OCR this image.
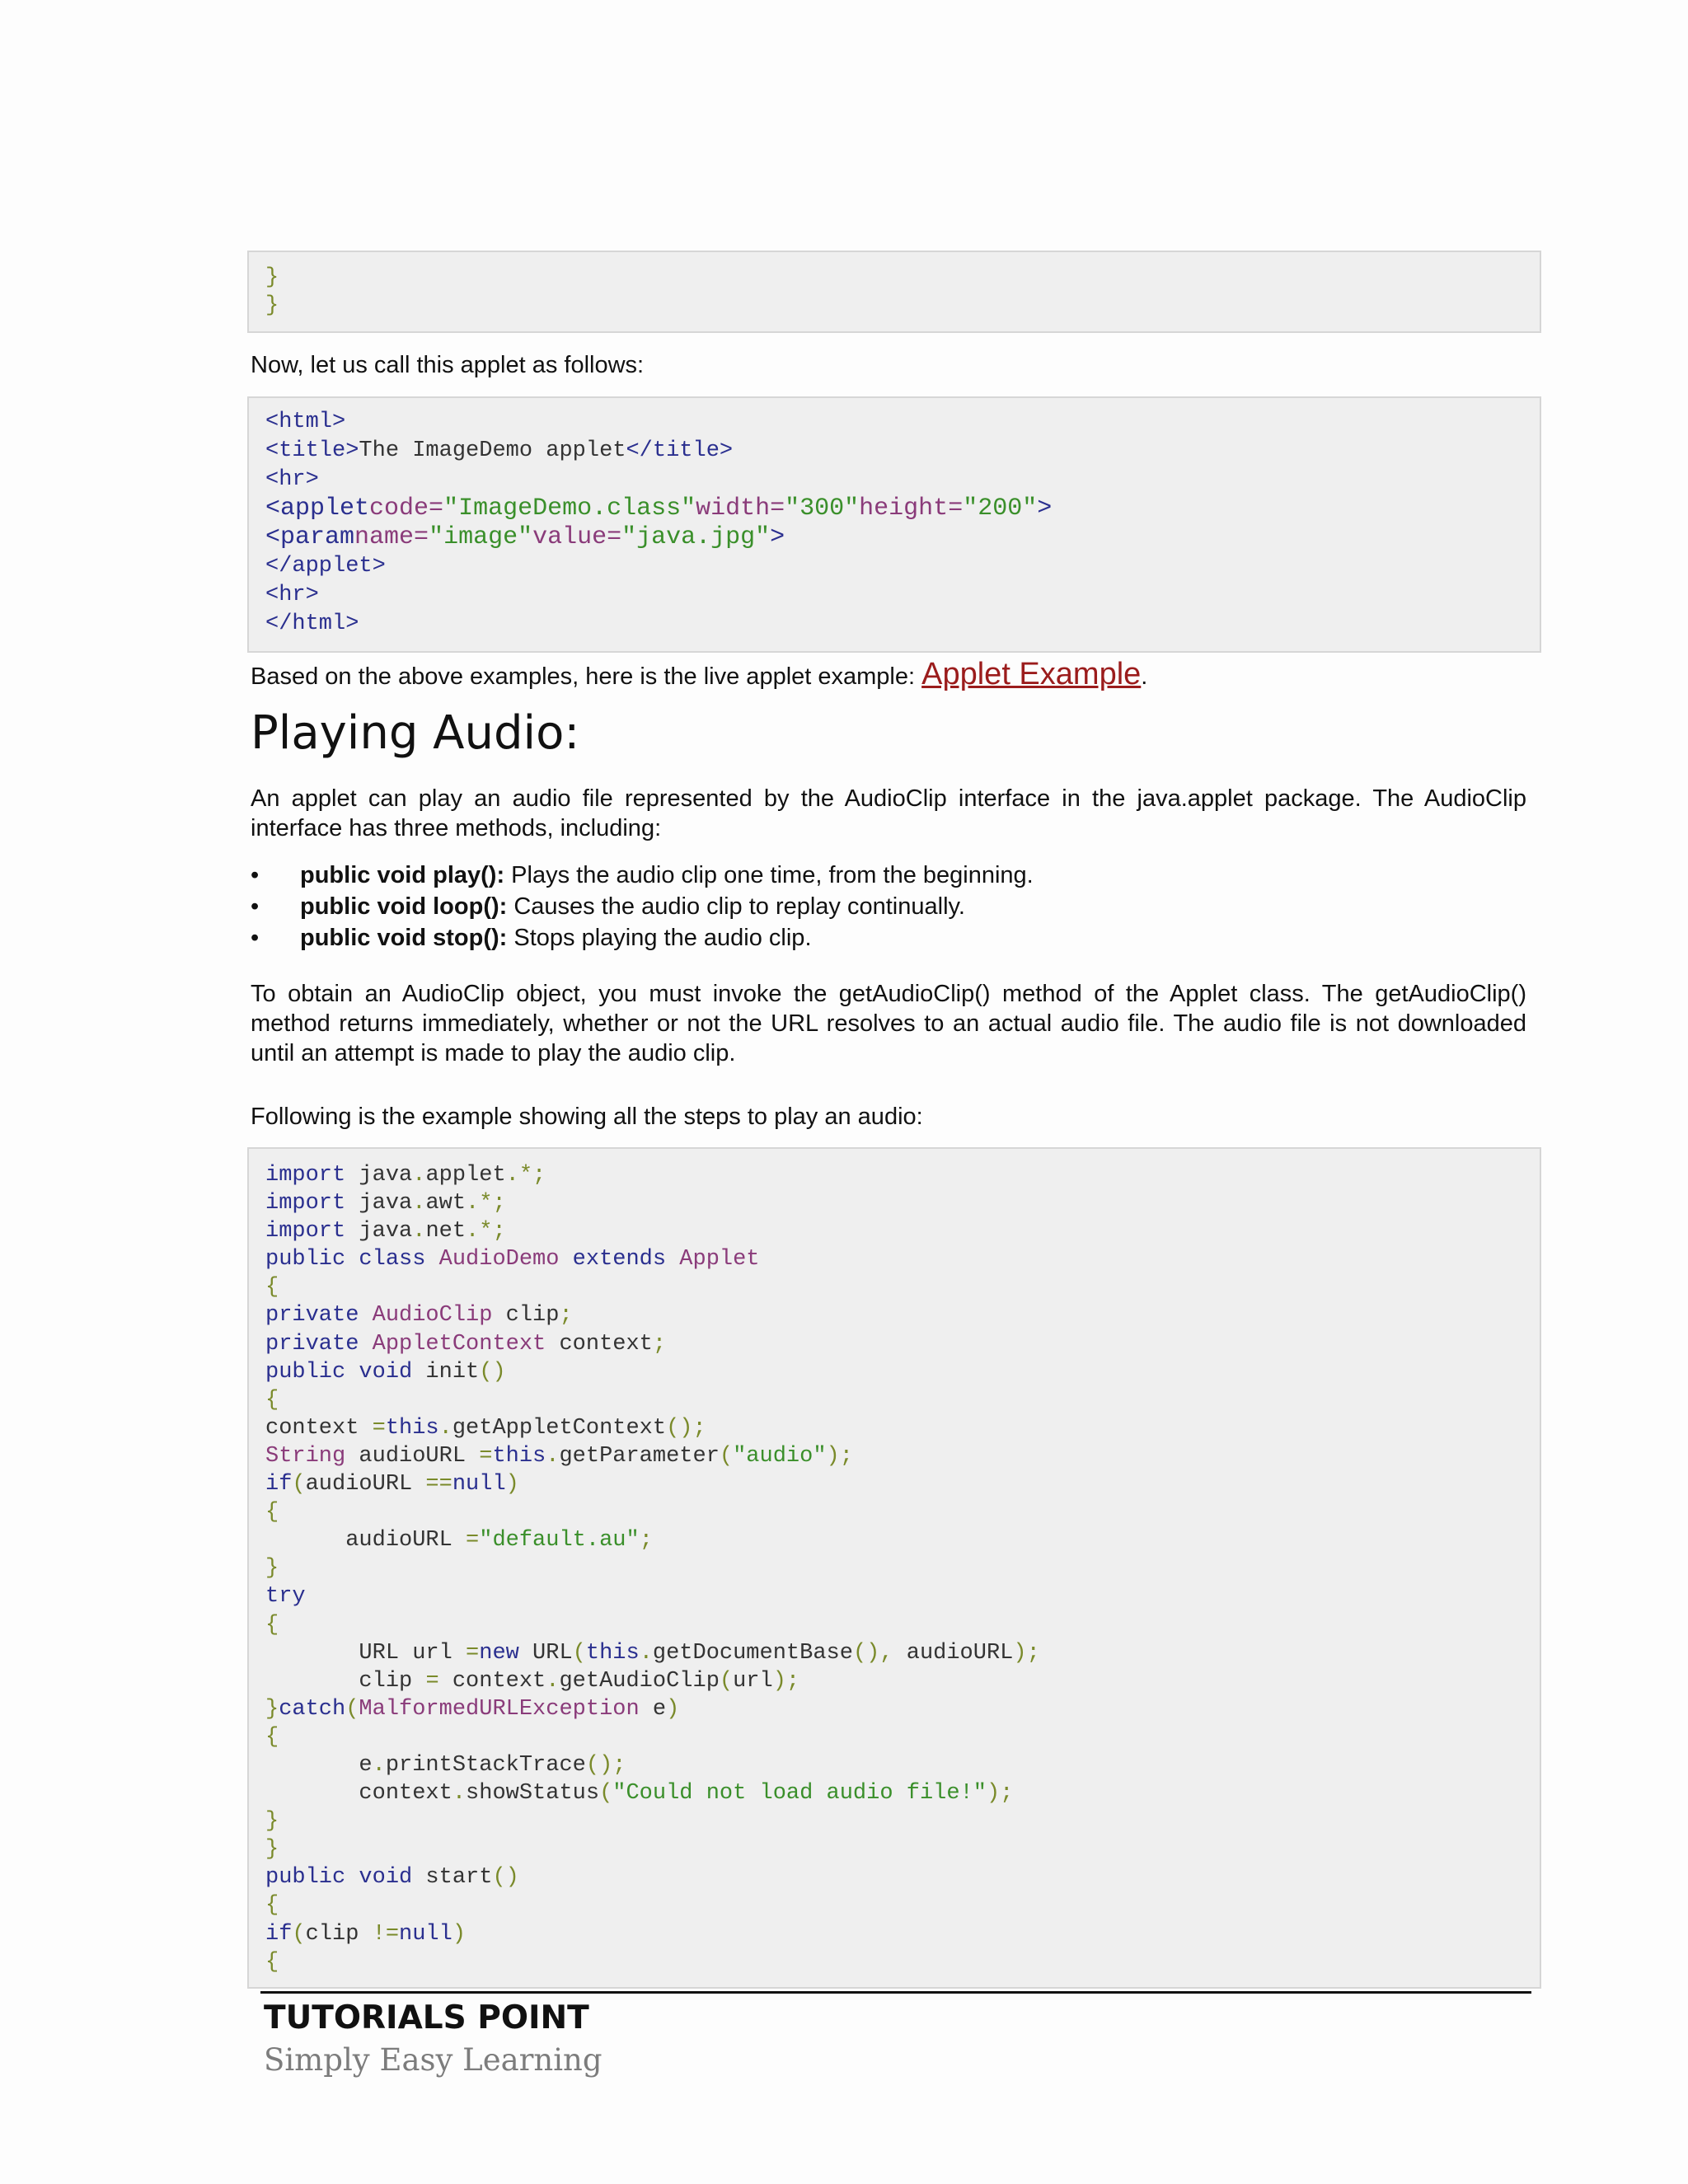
}
}

Now, let us call this applet as follows:

<html>
<title>The ImageDemo applet</title>
<hr>
<appletcode="ImageDemo.class"width="300"height="200">
<paramname="image"value="java.jpg">
</applet>
<hr>
</html>

Based on the above examples, here is the live applet example: Applet Example.

Playing Audio:

An applet can play an audio file represented by the AudioClip interface in the java.applet package. The AudioClip interface has three methods, including:

• public void play(): Plays the audio clip one time, from the beginning.
• public void loop(): Causes the audio clip to replay continually.
• public void stop(): Stops playing the audio clip.

To obtain an AudioClip object, you must invoke the getAudioClip() method of the Applet class. The getAudioClip() method returns immediately, whether or not the URL resolves to an actual audio file. The audio file is not downloaded until an attempt is made to play the audio clip.

Following is the example showing all the steps to play an audio:

import java.applet.*;
import java.awt.*;
import java.net.*;
public class AudioDemo extends Applet
{
private AudioClip clip;
private AppletContext context;
public void init()
{
context =this.getAppletContext();
String audioURL =this.getParameter("audio");
if(audioURL ==null)
{
audioURL ="default.au";
}
try
{
URL url =new URL(this.getDocumentBase(), audioURL);
clip = context.getAudioClip(url);
}catch(MalformedURLException e)
{
e.printStackTrace();
context.showStatus("Could not load audio file!");
}
}
public void start()
{
if(clip !=null)
{
TUTORIALS POINT
Simply Easy Learning
